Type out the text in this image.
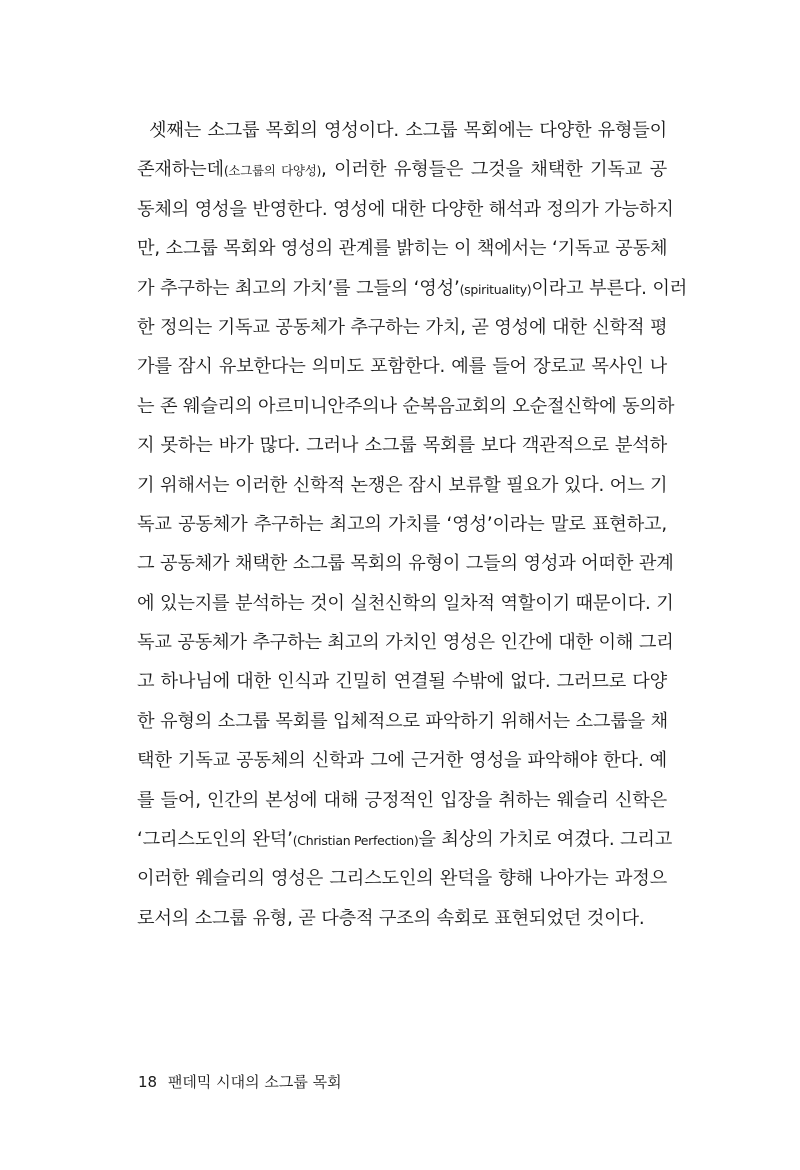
셋째는 소그룹 목회의 영성이다. 소그룹 목회에는 다양한 유형들이
존재하는데(소그룹의 다양성), 이러한 유형들은 그것을 채택한 기독교 공
동체의 영성을 반영한다. 영성에 대한 다양한 해석과 정의가 가능하지
만, 소그룹 목회와 영성의 관계를 밝히는 이 책에서는 ‘기독교 공동체
가 추구하는 최고의 가치’를 그들의 ‘영성’(spirituality)이라고 부른다. 이러
한 정의는 기독교 공동체가 추구하는 가치, 곧 영성에 대한 신학적 평
가를 잠시 유보한다는 의미도 포함한다. 예를 들어 장로교 목사인 나
는 존 웨슬리의 아르미니안주의나 순복음교회의 오순절신학에 동의하
지 못하는 바가 많다. 그러나 소그룹 목회를 보다 객관적으로 분석하
기 위해서는 이러한 신학적 논쟁은 잠시 보류할 필요가 있다. 어느 기
독교 공동체가 추구하는 최고의 가치를 ‘영성’이라는 말로 표현하고,
그 공동체가 채택한 소그룹 목회의 유형이 그들의 영성과 어떠한 관계
에 있는지를 분석하는 것이 실천신학의 일차적 역할이기 때문이다. 기
독교 공동체가 추구하는 최고의 가치인 영성은 인간에 대한 이해 그리
고 하나님에 대한 인식과 긴밀히 연결될 수밖에 없다. 그러므로 다양
한 유형의 소그룹 목회를 입체적으로 파악하기 위해서는 소그룹을 채
택한 기독교 공동체의 신학과 그에 근거한 영성을 파악해야 한다. 예
를 들어, 인간의 본성에 대해 긍정적인 입장을 취하는 웨슬리 신학은
‘그리스도인의 완덕’(Christian Perfection)을 최상의 가치로 여겼다. 그리고
이러한 웨슬리의 영성은 그리스도인의 완덕을 향해 나아가는 과정으
로서의 소그룹 유형, 곧 다층적 구조의 속회로 표현되었던 것이다.
18 팬데믹 시대의 소그룹 목회
